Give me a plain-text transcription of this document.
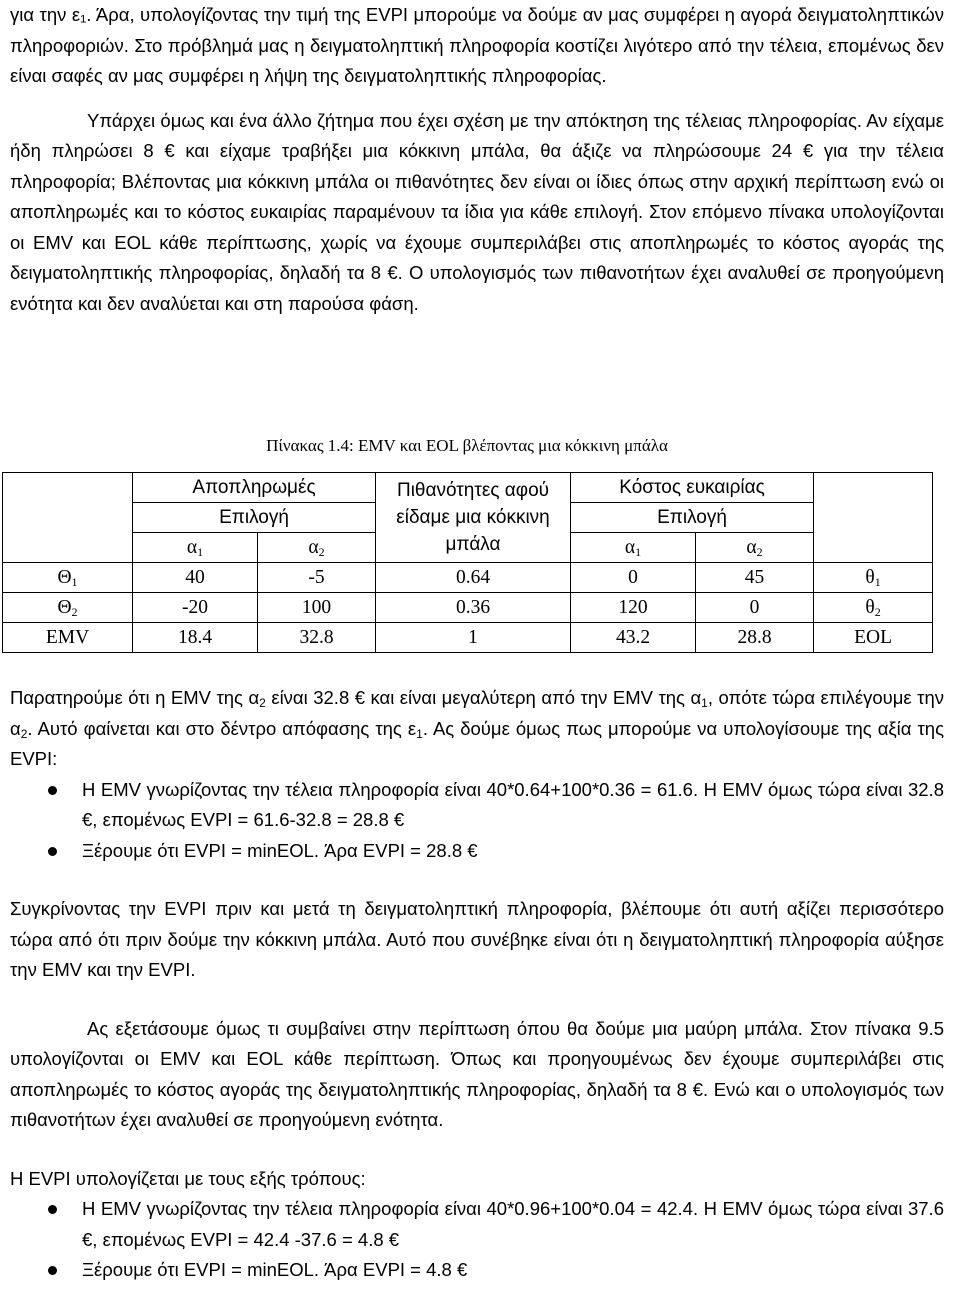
για την ε₁. Άρα, υπολογίζοντας την τιμή της EVPI μπορούμε να δούμε αν μας συμφέρει η αγορά δειγματοληπτικών πληροφοριών. Στο πρόβλημά μας η δειγματοληπτική πληροφορία κοστίζει λιγότερο από την τέλεια, επομένως δεν είναι σαφές αν μας συμφέρει η λήψη της δειγματοληπτικής πληροφορίας.

Υπάρχει όμως και ένα άλλο ζήτημα που έχει σχέση με την απόκτηση της τέλειας πληροφορίας. Αν είχαμε ήδη πληρώσει 8 € και είχαμε τραβήξει μια κόκκινη μπάλα, θα άξιζε να πληρώσουμε 24 € για την τέλεια πληροφορία; Βλέποντας μια κόκκινη μπάλα οι πιθανότητες δεν είναι οι ίδιες όπως στην αρχική περίπτωση ενώ οι αποπληρωμές και το κόστος ευκαιρίας παραμένουν τα ίδια για κάθε επιλογή. Στον επόμενο πίνακα υπολογίζονται οι EMV και EOL κάθε περίπτωσης, χωρίς να έχουμε συμπεριλάβει στις αποπληρωμές το κόστος αγοράς της δειγματοληπτικής πληροφορίας, δηλαδή τα 8 €. Ο υπολογισμός των πιθανοτήτων έχει αναλυθεί σε προηγούμενη ενότητα και δεν αναλύεται και στη παρούσα φάση.

Πίνακας 1.4: EMV και EOL βλέποντας μια κόκκινη μπάλα

	Αποπληρωμές		Πιθανότητες αφού είδαμε μια κόκκινη μπάλα	Κόστος ευκαιρίας		
	Επιλογή			Επιλογή		
	$\alpha_1$	$\alpha_2$		$\alpha_1$	$\alpha_2$	
$\Theta_1$	40	-5	0.64	0	45	$\theta_1$
$\Theta_2$	-20	100	0.36	120	0	$\theta_2$
EMV	18.4	32.8	1	43.2	28.8	EOL

Παρατηρούμε ότι η EMV της $\alpha_2$ είναι 32.8 € και είναι μεγαλύτερη από την EMV της $\alpha_1$, οπότε τώρα επιλέγουμε την $\alpha_2$. Αυτό φαίνεται και στο δέντρο απόφασης της $\varepsilon_1$. Ας δούμε όμως πως μπορούμε να υπολογίσουμε της αξία της EVPI:

Η EMV γνωρίζοντας την τέλεια πληροφορία είναι 40*0.64+100*0.36 = 61.6. Η EMV όμως τώρα είναι 32.8 €, επομένως EVPI = 61.6-32.8 = 28.8 €
Ξέρουμε ότι EVPI = minEOL. Άρα EVPI = 28.8 €

Συγκρίνοντας την EVPI πριν και μετά τη δειγματοληπτική πληροφορία, βλέπουμε ότι αυτή αξίζει περισσότερο τώρα από ότι πριν δούμε την κόκκινη μπάλα. Αυτό που συνέβηκε είναι ότι η δειγματοληπτική πληροφορία αύξησε την EMV και την EVPI.

Ας εξετάσουμε όμως τι συμβαίνει στην περίπτωση όπου θα δούμε μια μαύρη μπάλα. Στον πίνακα 9.5 υπολογίζονται οι EMV και EOL κάθε περίπτωση. Όπως και προηγουμένως δεν έχουμε συμπεριλάβει στις αποπληρωμές το κόστος αγοράς της δειγματοληπτικής πληροφορίας, δηλαδή τα 8 €. Ενώ και ο υπολογισμός των πιθανοτήτων έχει αναλυθεί σε προηγούμενη ενότητα.

Η EVPI υπολογίζεται με τους εξής τρόπους:

Η EMV γνωρίζοντας την τέλεια πληροφορία είναι 40*0.96+100*0.04 = 42.4. Η EMV όμως τώρα είναι 37.6 €, επομένως EVPI = 42.4 -37.6 = 4.8 €
Ξέρουμε ότι EVPI = minEOL. Άρα EVPI = 4.8 €
